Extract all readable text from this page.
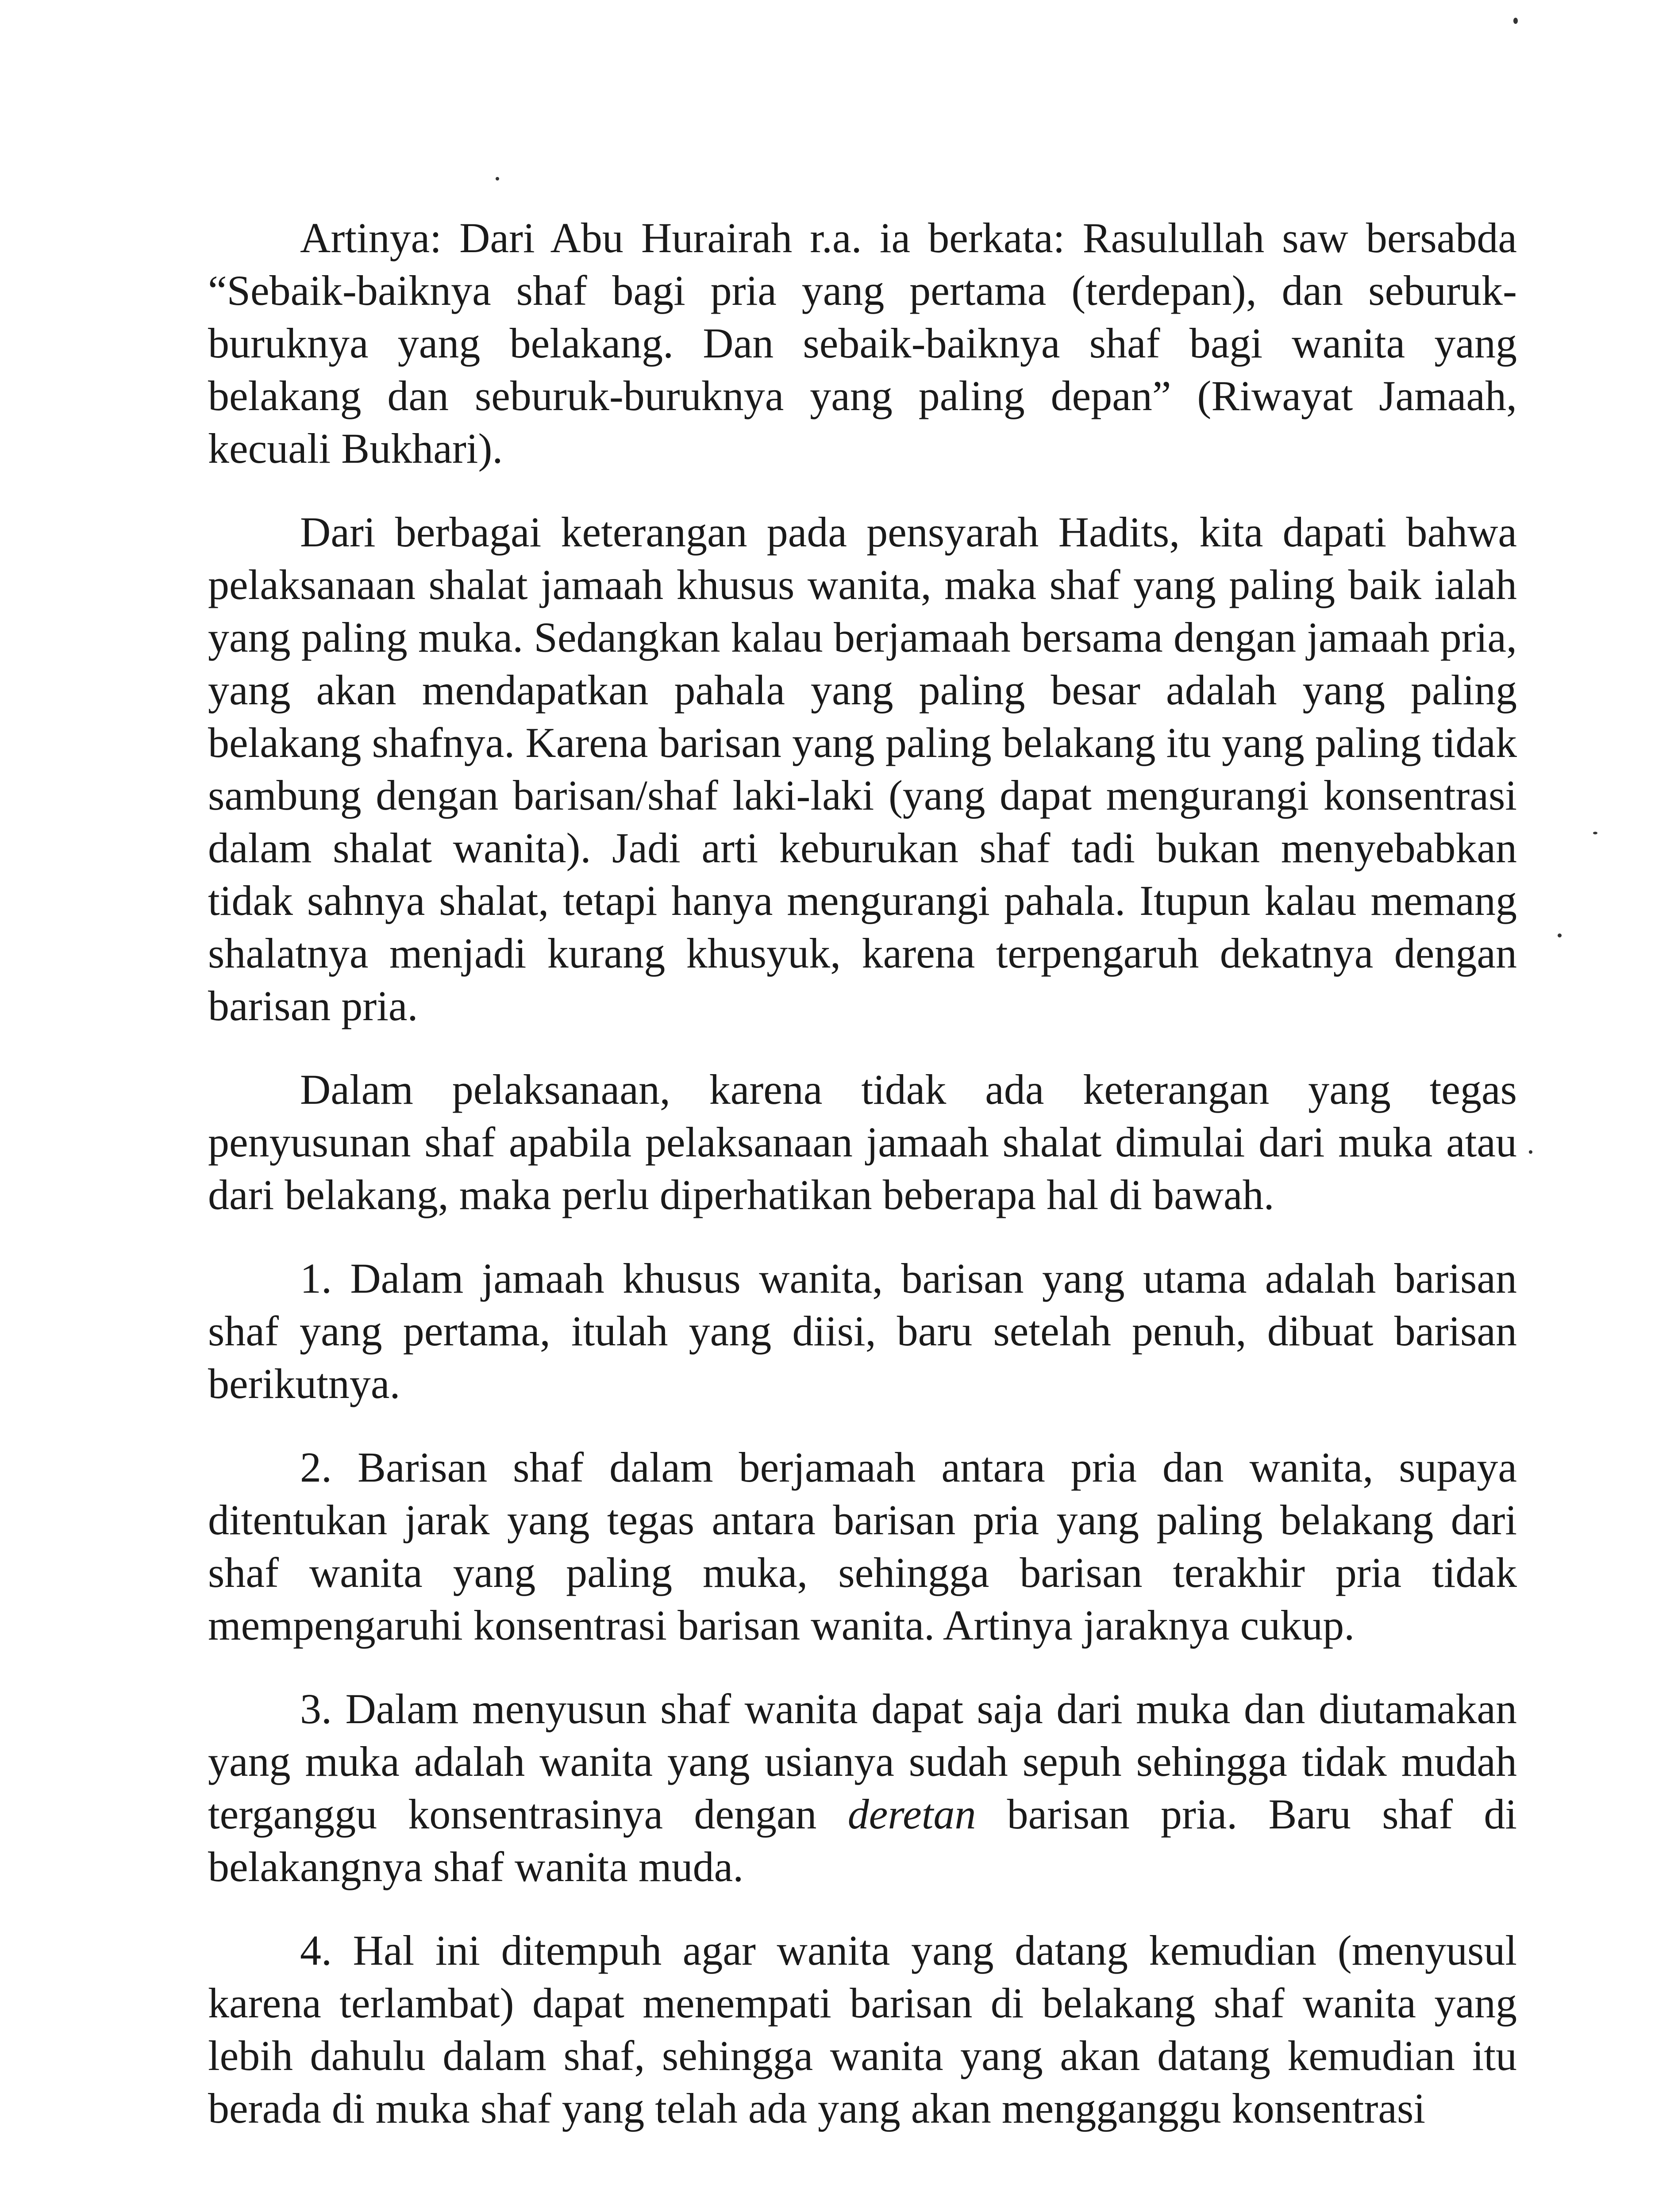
Artinya: Dari Abu Hurairah r.a. ia berkata: Rasulullah saw bersabda “Sebaik-baiknya shaf bagi pria yang pertama (terdepan), dan seburuk-buruknya yang belakang. Dan sebaik-baiknya shaf bagi wanita yang belakang dan seburuk-buruknya yang paling depan” (Riwayat Jamaah, kecuali Bukhari).

Dari berbagai keterangan pada pensyarah Hadits, kita dapati bahwa pelaksanaan shalat jamaah khusus wanita, maka shaf yang paling baik ialah yang paling muka. Sedangkan kalau berjamaah bersama dengan jamaah pria, yang akan mendapatkan pahala yang paling besar adalah yang paling belakang shafnya. Karena barisan yang paling belakang itu yang paling tidak sambung dengan barisan/shaf laki-laki (yang dapat mengurangi konsentrasi dalam shalat wanita). Jadi arti keburukan shaf tadi bukan menyebabkan tidak sahnya shalat, tetapi hanya mengurangi pahala. Itupun kalau memang shalatnya menjadi kurang khusyuk, karena terpengaruh dekatnya dengan barisan pria.

Dalam pelaksanaan, karena tidak ada keterangan yang tegas penyusunan shaf apabila pelaksanaan jamaah shalat dimulai dari muka atau dari belakang, maka perlu diperhatikan beberapa hal di bawah.

1. Dalam jamaah khusus wanita, barisan yang utama adalah barisan shaf yang pertama, itulah yang diisi, baru setelah penuh, dibuat barisan berikutnya.

2. Barisan shaf dalam berjamaah antara pria dan wanita, supaya ditentukan jarak yang tegas antara barisan pria yang paling belakang dari shaf wanita yang paling muka, sehingga barisan terakhir pria tidak mempengaruhi konsentrasi barisan wanita. Artinya jaraknya cukup.

3. Dalam menyusun shaf wanita dapat saja dari muka dan diutamakan yang muka adalah wanita yang usianya sudah sepuh sehingga tidak mudah terganggu konsentrasinya dengan deretan barisan pria. Baru shaf di belakangnya shaf wanita muda.

4. Hal ini ditempuh agar wanita yang datang kemudian (menyusul karena terlambat) dapat menempati barisan di belakang shaf wanita yang lebih dahulu dalam shaf, sehingga wanita yang akan datang kemudian itu berada di muka shaf yang telah ada yang akan mengganggu konsentrasi
